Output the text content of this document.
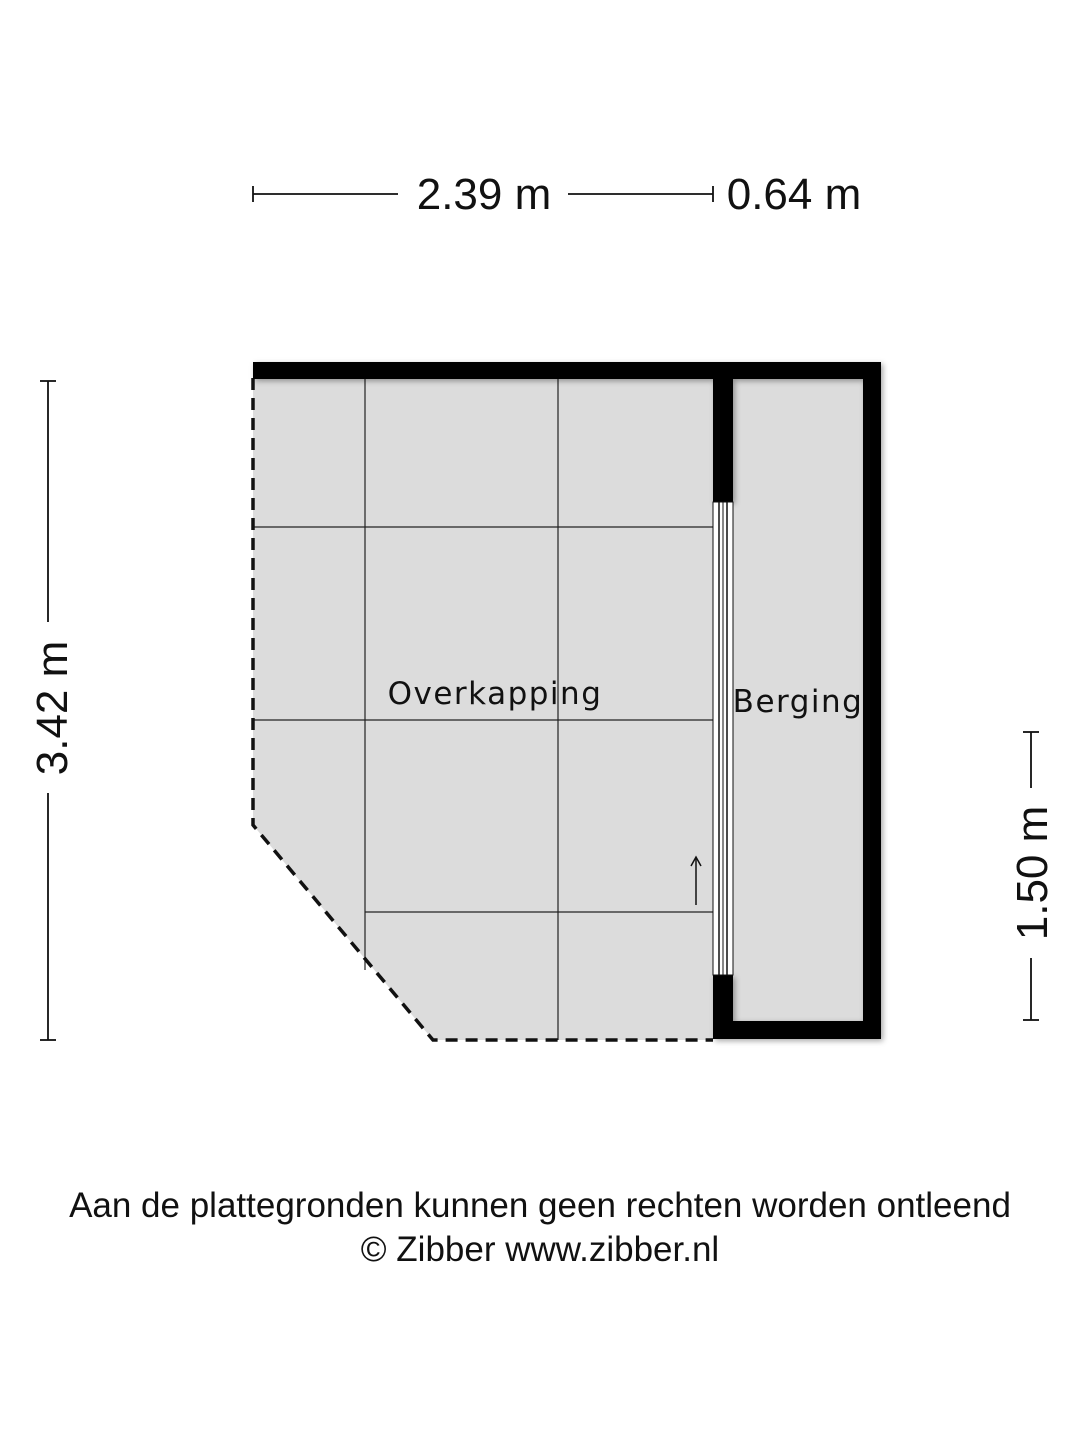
2.39 m	0.64 m
3.42 m
1.50 m
Overkapping	Berging
Aan de plattegronden kunnen geen rechten worden ontleend
© Zibber www.zibber.nl
